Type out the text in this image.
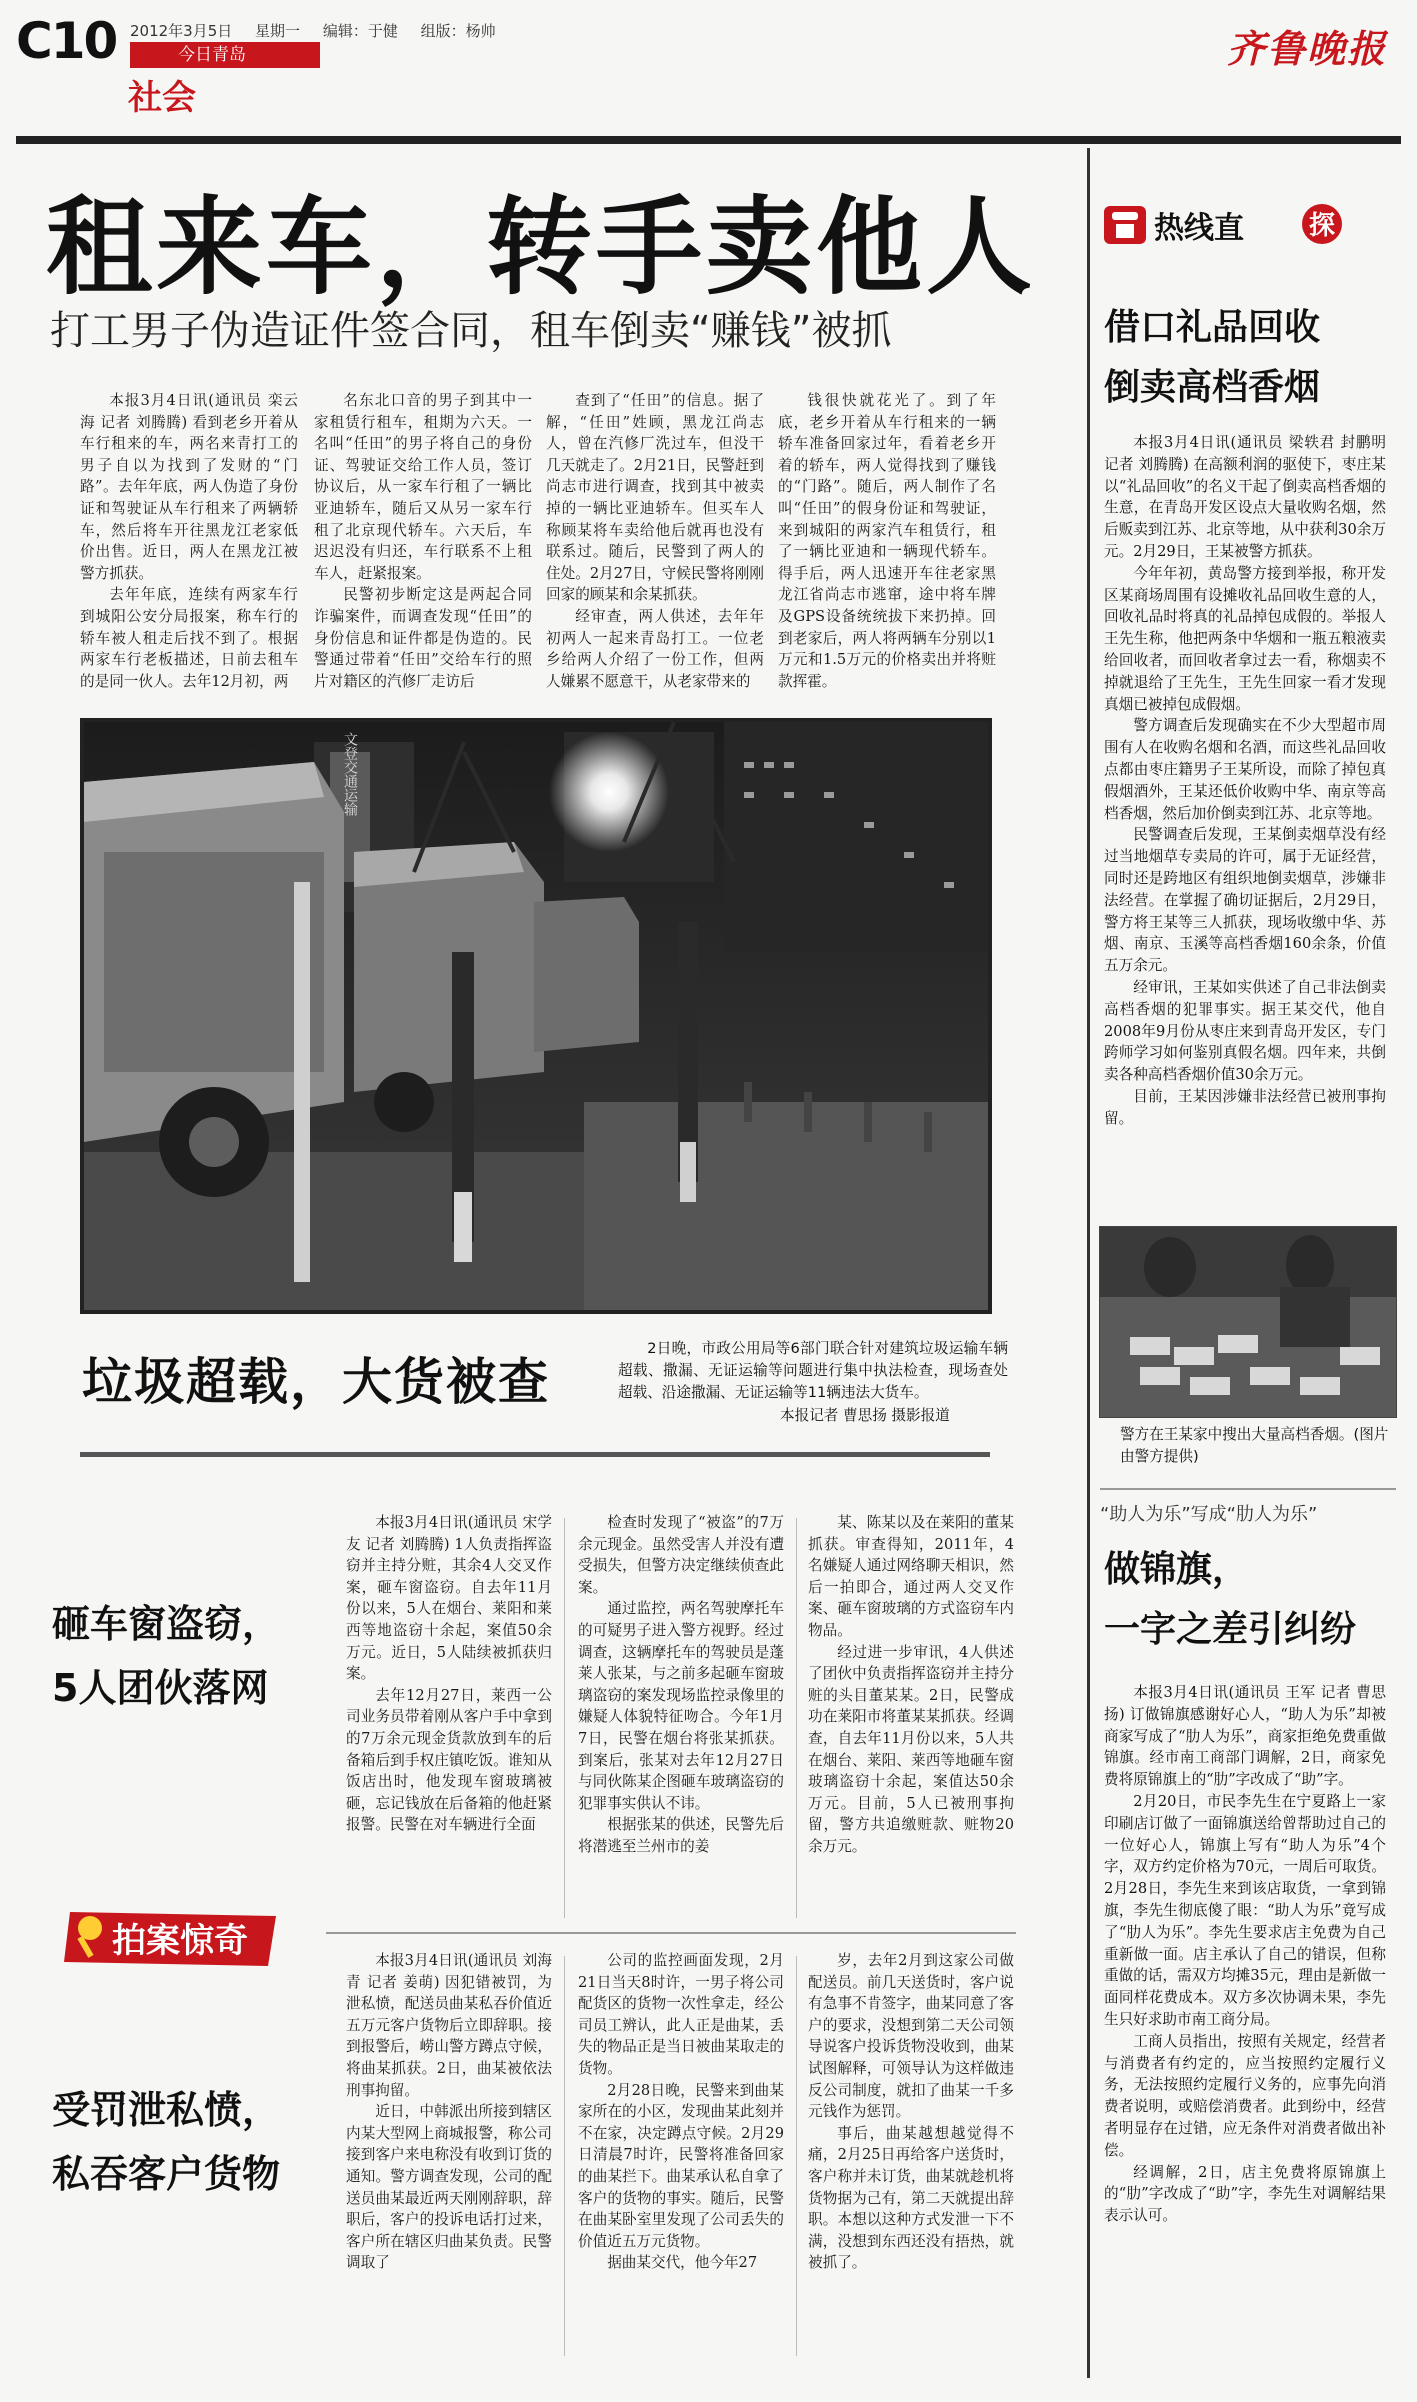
C10 2012年3月5日 星期一 编辑：于健 组版：杨帅
今日青岛
社会
齐鲁晚报
租来车，转手卖他人
打工男子伪造证件签合同，租车倒卖“赚钱”被抓

本报3月4日讯(通讯员 栾云海 记者 刘腾腾) 看到老乡开着从车行租来的车，两名来青打工的男子自以为找到了发财的“门路”。去年年底，两人伪造了身份证和驾驶证从车行租来了两辆轿车，然后将车开往黑龙江老家低价出售。近日，两人在黑龙江被警方抓获。

去年年底，连续有两家车行到城阳公安分局报案，称车行的轿车被人租走后找不到了。根据两家车行老板描述，日前去租车的是同一伙人。去年12月初，两

名东北口音的男子到其中一家租赁行租车，租期为六天。一名叫“任田”的男子将自己的身份证、驾驶证交给工作人员，签订协议后，从一家车行租了一辆比亚迪轿车，随后又从另一家车行租了北京现代轿车。六天后，车迟迟没有归还，车行联系不上租车人，赶紧报案。

民警初步断定这是两起合同诈骗案件，而调查发现“任田”的身份信息和证件都是伪造的。民警通过带着“任田”交给车行的照片对籍区的汽修厂走访后

查到了“任田”的信息。据了解，“任田”姓顾，黑龙江尚志人，曾在汽修厂洗过车，但没干几天就走了。2月21日，民警赶到尚志市进行调查，找到其中被卖掉的一辆比亚迪轿车。但买车人称顾某将车卖给他后就再也没有联系过。随后，民警到了两人的住处。2月27日，守候民警将刚刚回家的顾某和余某抓获。

经审查，两人供述，去年年初两人一起来青岛打工。一位老乡给两人介绍了一份工作，但两人嫌累不愿意干，从老家带来的

钱很快就花光了。到了年底，老乡开着从车行租来的一辆轿车准备回家过年，看着老乡开着的轿车，两人觉得找到了赚钱的“门路”。随后，两人制作了名叫“任田”的假身份证和驾驶证，来到城阳的两家汽车租赁行，租了一辆比亚迪和一辆现代轿车。得手后，两人迅速开车往老家黑龙江省尚志市逃窜，途中将车牌及GPS设备统统拔下来扔掉。回到老家后，两人将两辆车分别以1万元和1.5万元的价格卖出并将赃款挥霍。

文登交通运输
垃圾超载，大货被查

2日晚，市政公用局等6部门联合针对建筑垃圾运输车辆超载、撒漏、无证运输等问题进行集中执法检查，现场查处超载、沿途撒漏、无证运输等11辆违法大货车。

本报记者 曹思扬 摄影报道
砸车窗盗窃，
5人团伙落网

本报3月4日讯(通讯员 宋学友 记者 刘腾腾) 1人负责指挥盗窃并主持分赃，其余4人交叉作案，砸车窗盗窃。自去年11月份以来，5人在烟台、莱阳和莱西等地盗窃十余起，案值50余万元。近日，5人陆续被抓获归案。

去年12月27日，莱西一公司业务员带着刚从客户手中拿到的7万余元现金货款放到车的后备箱后到手权庄镇吃饭。谁知从饭店出时，他发现车窗玻璃被砸，忘记钱放在后备箱的他赶紧报警。民警在对车辆进行全面

检查时发现了“被盗”的7万余元现金。虽然受害人并没有遭受损失，但警方决定继续侦查此案。

通过监控，两名驾驶摩托车的可疑男子进入警方视野。经过调查，这辆摩托车的驾驶员是蓬莱人张某，与之前多起砸车窗玻璃盗窃的案发现场监控录像里的嫌疑人体貌特征吻合。今年1月7日，民警在烟台将张某抓获。到案后，张某对去年12月27日与同伙陈某企图砸车玻璃盗窃的犯罪事实供认不讳。

根据张某的供述，民警先后将潜逃至兰州市的姜

某、陈某以及在莱阳的董某抓获。审查得知，2011年，4名嫌疑人通过网络聊天相识，然后一拍即合，通过两人交叉作案、砸车窗玻璃的方式盗窃车内物品。

经过进一步审讯，4人供述了团伙中负责指挥盗窃并主持分赃的头目董某某。2日，民警成功在莱阳市将董某某抓获。经调查，自去年11月份以来，5人共在烟台、莱阳、莱西等地砸车窗玻璃盗窃十余起，案值达50余万元。目前，5人已被刑事拘留，警方共追缴赃款、赃物20余万元。

拍案惊奇
受罚泄私愤，
私吞客户货物

本报3月4日讯(通讯员 刘海青 记者 姜萌) 因犯错被罚，为泄私愤，配送员曲某私吞价值近五万元客户货物后立即辞职。接到报警后，崂山警方蹲点守候，将曲某抓获。2日，曲某被依法刑事拘留。

近日，中韩派出所接到辖区内某大型网上商城报警，称公司接到客户来电称没有收到订货的通知。警方调查发现，公司的配送员曲某最近两天刚刚辞职，辞职后，客户的投诉电话打过来，客户所在辖区归曲某负责。民警调取了

公司的监控画面发现，2月21日当天8时许，一男子将公司配货区的货物一次性拿走，经公司员工辨认，此人正是曲某，丢失的物品正是当日被曲某取走的货物。

2月28日晚，民警来到曲某家所在的小区，发现曲某此刻并不在家，决定蹲点守候。2月29日清晨7时许，民警将准备回家的曲某拦下。曲某承认私自拿了客户的货物的事实。随后，民警在曲某卧室里发现了公司丢失的价值近五万元货物。

据曲某交代，他今年27

岁，去年2月到这家公司做配送员。前几天送货时，客户说有急事不肯签字，曲某同意了客户的要求，没想到第二天公司领导说客户投诉货物没收到，曲某试图解释，可领导认为这样做违反公司制度，就扣了曲某一千多元钱作为惩罚。

事后，曲某越想越觉得不痛，2月25日再给客户送货时，客户称并未订货，曲某就趁机将货物据为己有，第二天就提出辞职。本想以这种方式发泄一下不满，没想到东西还没有捂热，就被抓了。

热线直 探
借口礼品回收
倒卖高档香烟

本报3月4日讯(通讯员 梁轶君 封鹏明 记者 刘腾腾) 在高额利润的驱使下，枣庄某以“礼品回收”的名义干起了倒卖高档香烟的生意，在青岛开发区设点大量收购名烟，然后贩卖到江苏、北京等地，从中获利30余万元。2月29日，王某被警方抓获。

今年年初，黄岛警方接到举报，称开发区某商场周围有设摊收礼品回收生意的人，回收礼品时将真的礼品掉包成假的。举报人王先生称，他把两条中华烟和一瓶五粮液卖给回收者，而回收者拿过去一看，称烟卖不掉就退给了王先生，王先生回家一看才发现真烟已被掉包成假烟。

警方调查后发现确实在不少大型超市周围有人在收购名烟和名酒，而这些礼品回收点都由枣庄籍男子王某所设，而除了掉包真假烟酒外，王某还低价收购中华、南京等高档香烟，然后加价倒卖到江苏、北京等地。

民警调查后发现，王某倒卖烟草没有经过当地烟草专卖局的许可，属于无证经营，同时还是跨地区有组织地倒卖烟草，涉嫌非法经营。在掌握了确切证据后，2月29日，警方将王某等三人抓获，现场收缴中华、苏烟、南京、玉溪等高档香烟160余条，价值五万余元。

经审讯，王某如实供述了自己非法倒卖高档香烟的犯罪事实。据王某交代，他自2008年9月份从枣庄来到青岛开发区，专门跨师学习如何鉴别真假名烟。四年来，共倒卖各种高档香烟价值30余万元。

目前，王某因涉嫌非法经营已被刑事拘留。

警方在王某家中搜出大量高档香烟。(图片由警方提供)
“助人为乐”写成“肋人为乐”
做锦旗，
一字之差引纠纷

本报3月4日讯(通讯员 王军 记者 曹思扬) 订做锦旗感谢好心人，“助人为乐”却被商家写成了“肋人为乐”，商家拒绝免费重做锦旗。经市南工商部门调解，2日，商家免费将原锦旗上的“肋”字改成了“助”字。

2月20日，市民李先生在宁夏路上一家印刷店订做了一面锦旗送给曾帮助过自己的一位好心人，锦旗上写有“助人为乐”4个字，双方约定价格为70元，一周后可取货。2月28日，李先生来到该店取货，一拿到锦旗，李先生彻底傻了眼：“助人为乐”竟写成了“肋人为乐”。李先生要求店主免费为自己重新做一面。店主承认了自己的错误，但称重做的话，需双方均摊35元，理由是新做一面同样花费成本。双方多次协调未果，李先生只好求助市南工商分局。

工商人员指出，按照有关规定，经营者与消费者有约定的，应当按照约定履行义务，无法按照约定履行义务的，应事先向消费者说明，或赔偿消费者。此到纷中，经营者明显存在过错，应无条件对消费者做出补偿。

经调解，2日，店主免费将原锦旗上的“肋”字改成了“助”字，李先生对调解结果表示认可。
